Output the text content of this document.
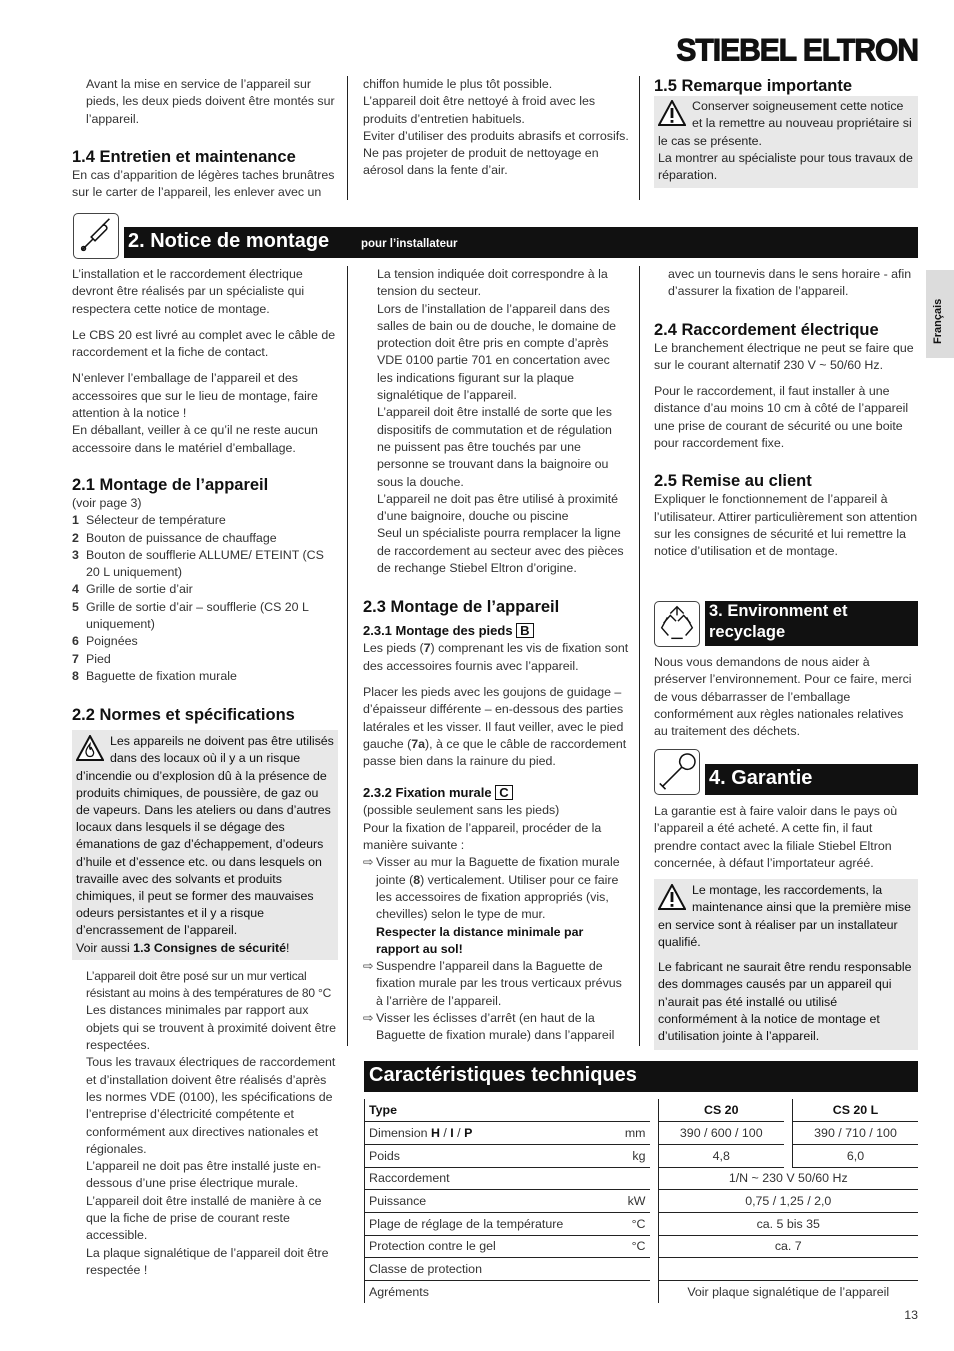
STIEBEL ELTRON
Français

Avant la mise en service de l’appareil sur pieds, les deux pieds doivent être montés sur l’appareil.

1.4 Entretien et maintenance

En cas d’apparition de légères taches brunâtres sur le carter de l’appareil, les enlever avec un

chiffon humide le plus tôt possible.

L’appareil doit être nettoyé à froid avec les produits d’entretien habituels.

Eviter d’utiliser des produits abrasifs et corrosifs.

Ne pas projeter de produit de nettoyage en aérosol dans la fente d’air.

1.5 Remarque importante

Conserver soigneusement cette notice et la remettre au nouveau propriétaire si le cas se présente.

La montrer au spécialiste pour tous travaux de réparation.

2. Notice de montage	pour l’installateur

L’installation et le raccordement électrique devront être réalisés par un spécialiste qui respectera cette notice de montage.

Le CBS 20 est livré au complet avec le câble de raccordement et la fiche de contact.

N’enlever l’emballage de l’appareil et des accessoires que sur le lieu de montage, faire attention à la notice !

En déballant, veiller à ce qu’il ne reste aucun accessoire dans le matériel d’emballage.

2.1 Montage de l’appareil

(voir page 3)

1 Sélecteur de température
2 Bouton de puissance de chauffage
3 Bouton de soufflerie ALLUME/ ETEINT (CS 20 L uniquement)
4 Grille de sortie d’air
5 Grille de sortie d’air – soufflerie (CS 20 L uniquement)
6 Poignées
7 Pied
8 Baguette de fixation murale
2.2 Normes et spécifications

Les appareils ne doivent pas être utilisés dans des locaux où il y a un risque d’incendie ou d’explosion dû à la présence de produits chimiques, de poussière, de gaz ou de vapeurs. Dans les ateliers ou dans d’autres locaux dans lesquels il se dégage des émanations de gaz d’échappement, d’odeurs d’huile et d’essence etc. ou dans lesquels on travaille avec des solvants et produits chimiques, il peut se former des mauvaises odeurs persistantes et il y a risque d’encrassement de l’appareil.
Voir aussi 1.3 Consignes de sécurité!

L’appareil doit être posé sur un mur vertical résistant au moins à des températures de 80 °C

Les distances minimales par rapport aux objets qui se trouvent à proximité doivent être respectées.

Tous les travaux électriques de raccordement et d’installation doivent être réalisés d’après les normes VDE (0100), les spécifications de l’entreprise d’électricité compétente et conformément aux directives nationales et régionales.

L’appareil ne doit pas être installé juste en-dessous d’une prise électrique murale.

L’appareil doit être installé de manière à ce que la fiche de prise de courant reste accessible.

La plaque signalétique de l’appareil doit être respectée !

La tension indiquée doit correspondre à la tension du secteur.

Lors de l’installation de l’appareil dans des salles de bain ou de douche, le domaine de protection doit être pris en compte d’après VDE 0100 partie 701 en concertation avec les indications figurant sur la plaque signalétique de l’appareil.

L’appareil doit être installé de sorte que les dispositifs de commutation et de régulation ne puissent pas être touchés par une personne se trouvant dans la baignoire ou sous la douche.

L’appareil ne doit pas être utilisé à proximité d’une baignoire, douche ou piscine

Seul un spécialiste pourra remplacer la ligne de raccordement au secteur avec des pièces de rechange Stiebel Eltron d’origine.

2.3 Montage de l’appareil
2.3.1 Montage des pieds B

Les pieds (7) comprenant les vis de fixation sont des accessoires fournis avec l’appareil.

Placer les pieds avec les goujons de guidage – d’épaisseur différente – en-dessous des parties latérales et les visser. Il faut veiller, avec le pied gauche (7a), à ce que le câble de raccordement passe bien dans la rainure du pied.

2.3.2 Fixation murale C

(possible seulement sans les pieds)

Pour la fixation de l’appareil, procéder de la manière suivante :

⇨ Visser au mur la Baguette de fixation murale jointe (8) verticalement. Utiliser pour ce faire les accessoires de fixation appropriés (vis, chevilles) selon le type de mur.
Respecter la distance minimale par rapport au sol!
⇨ Suspendre l’appareil dans la Baguette de fixation murale par les trous verticaux prévus à l’arrière de l’appareil.
⇨ Visser les éclisses d’arrêt (en haut de la Baguette de fixation murale) dans l’appareil

avec un tournevis dans le sens horaire - afin d’assurer la fixation de l’appareil.

2.4 Raccordement électrique

Le branchement électrique ne peut se faire que sur le courant alternatif 230 V ~ 50/60 Hz.

Pour le raccordement, il faut installer à une distance d’au moins 10 cm à côté de l’appareil une prise de courant de sécurité ou une boite pour raccordement fixe.

2.5 Remise au client

Expliquer le fonctionnement de l’appareil à l’utilisateur. Attirer particulièrement son attention sur les consignes de sécurité et lui remettre la notice d’utilisation et de montage.

3. Environment et
recyclage

Nous vous demandons de nous aider à préserver l’environnement. Pour ce faire, merci de vous débarrasser de l’emballage conformément aux règles nationales relatives au traitement des déchets.

4. Garantie

La garantie est à faire valoir dans le pays où l’appareil a été acheté. A cette fin, il faut prendre contact avec la filiale Stiebel Eltron concernée, à défaut l’importateur agréé.

Le montage, les raccordements, la maintenance ainsi que la première mise en service sont à réaliser par un installateur qualifié.

Le fabricant ne saurait être rendu responsable des dommages causés par un appareil qui n’aurait pas été installé ou utilisé conformément à la notice de montage et d’utilisation jointe à l’appareil.

Caractéristiques techniques
Type		CS 20		CS 20 L
Dimension H / I / P mm		390 / 600 / 100		390 / 710 / 100
Poids kg		4,8		6,0
Raccordement		1/N ~ 230 V 50/60 Hz		
Puissance kW		0,75 / 1,25 / 2,0		
Plage de réglage de la température °C		ca. 5 bis 35		
Protection contre le gel °C		ca. 7		
Classe de protection		

Agréments		Voir plaque signalétique de l’appareil		
13
